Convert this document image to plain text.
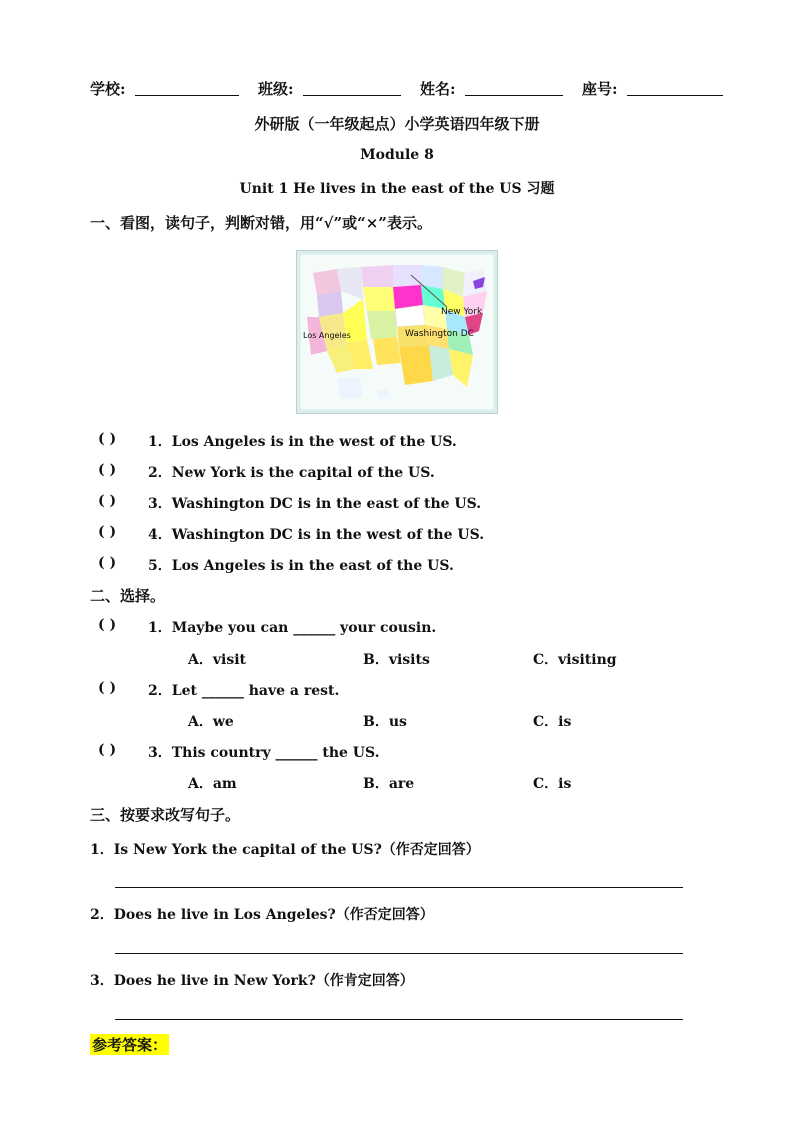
学校:	班级:	姓名:	座号:
外研版（一年级起点）小学英语四年级下册
Module 8
Unit 1 He lives in the east of the US 习题
一、看图，读句子，判断对错，用“√”或“×”表示。
New York
Washington DC
Los Angeles
( ) 1．Los Angeles is in the west of the US.
( ) 2．New York is the capital of the US.
( ) 3．Washington DC is in the east of the US.
( ) 4．Washington DC is in the west of the US.
( ) 5．Los Angeles is in the east of the US.
二、选择。
( ) 1．Maybe you can ______ your cousin.
A．visit	B．visits	C．visiting
( ) 2．Let ______ have a rest.
A．we	B．us	C．is
( ) 3．This country ______ the US.
A．am	B．are	C．is
三、按要求改写句子。
1．Is New York the capital of the US?（作否定回答）
2．Does he live in Los Angeles?（作否定回答）
3．Does he live in New York?（作肯定回答）
参考答案：
